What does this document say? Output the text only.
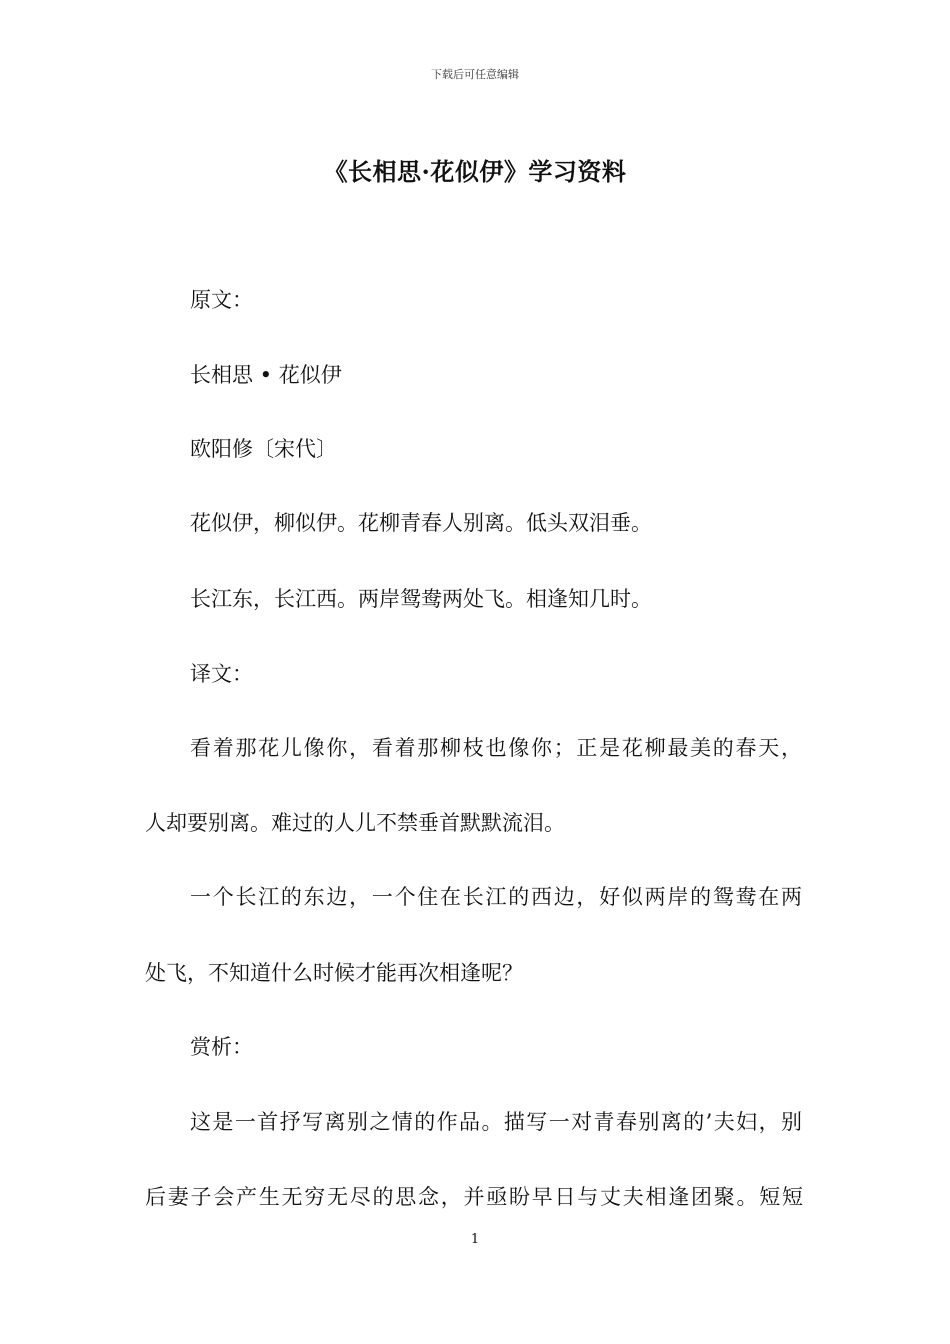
下载后可任意编辑
《长相思·花似伊》学习资料
原文：
长相思 • 花似伊
欧阳修〔宋代〕
花似伊，柳似伊。花柳青春人别离。低头双泪垂。
长江东，长江西。两岸鸳鸯两处飞。相逢知几时。
译文：
看着那花儿像你，看着那柳枝也像你；正是花柳最美的春天，
人却要别离。难过的人儿不禁垂首默默流泪。
一个长江的东边，一个住在长江的西边，好似两岸的鸳鸯在两
处飞，不知道什么时候才能再次相逢呢？
赏析：
这是一首抒写离别之情的作品。描写一对青春别离的’夫妇，别
后妻子会产生无穷无尽的思念，并亟盼早日与丈夫相逢团聚。短短
1
